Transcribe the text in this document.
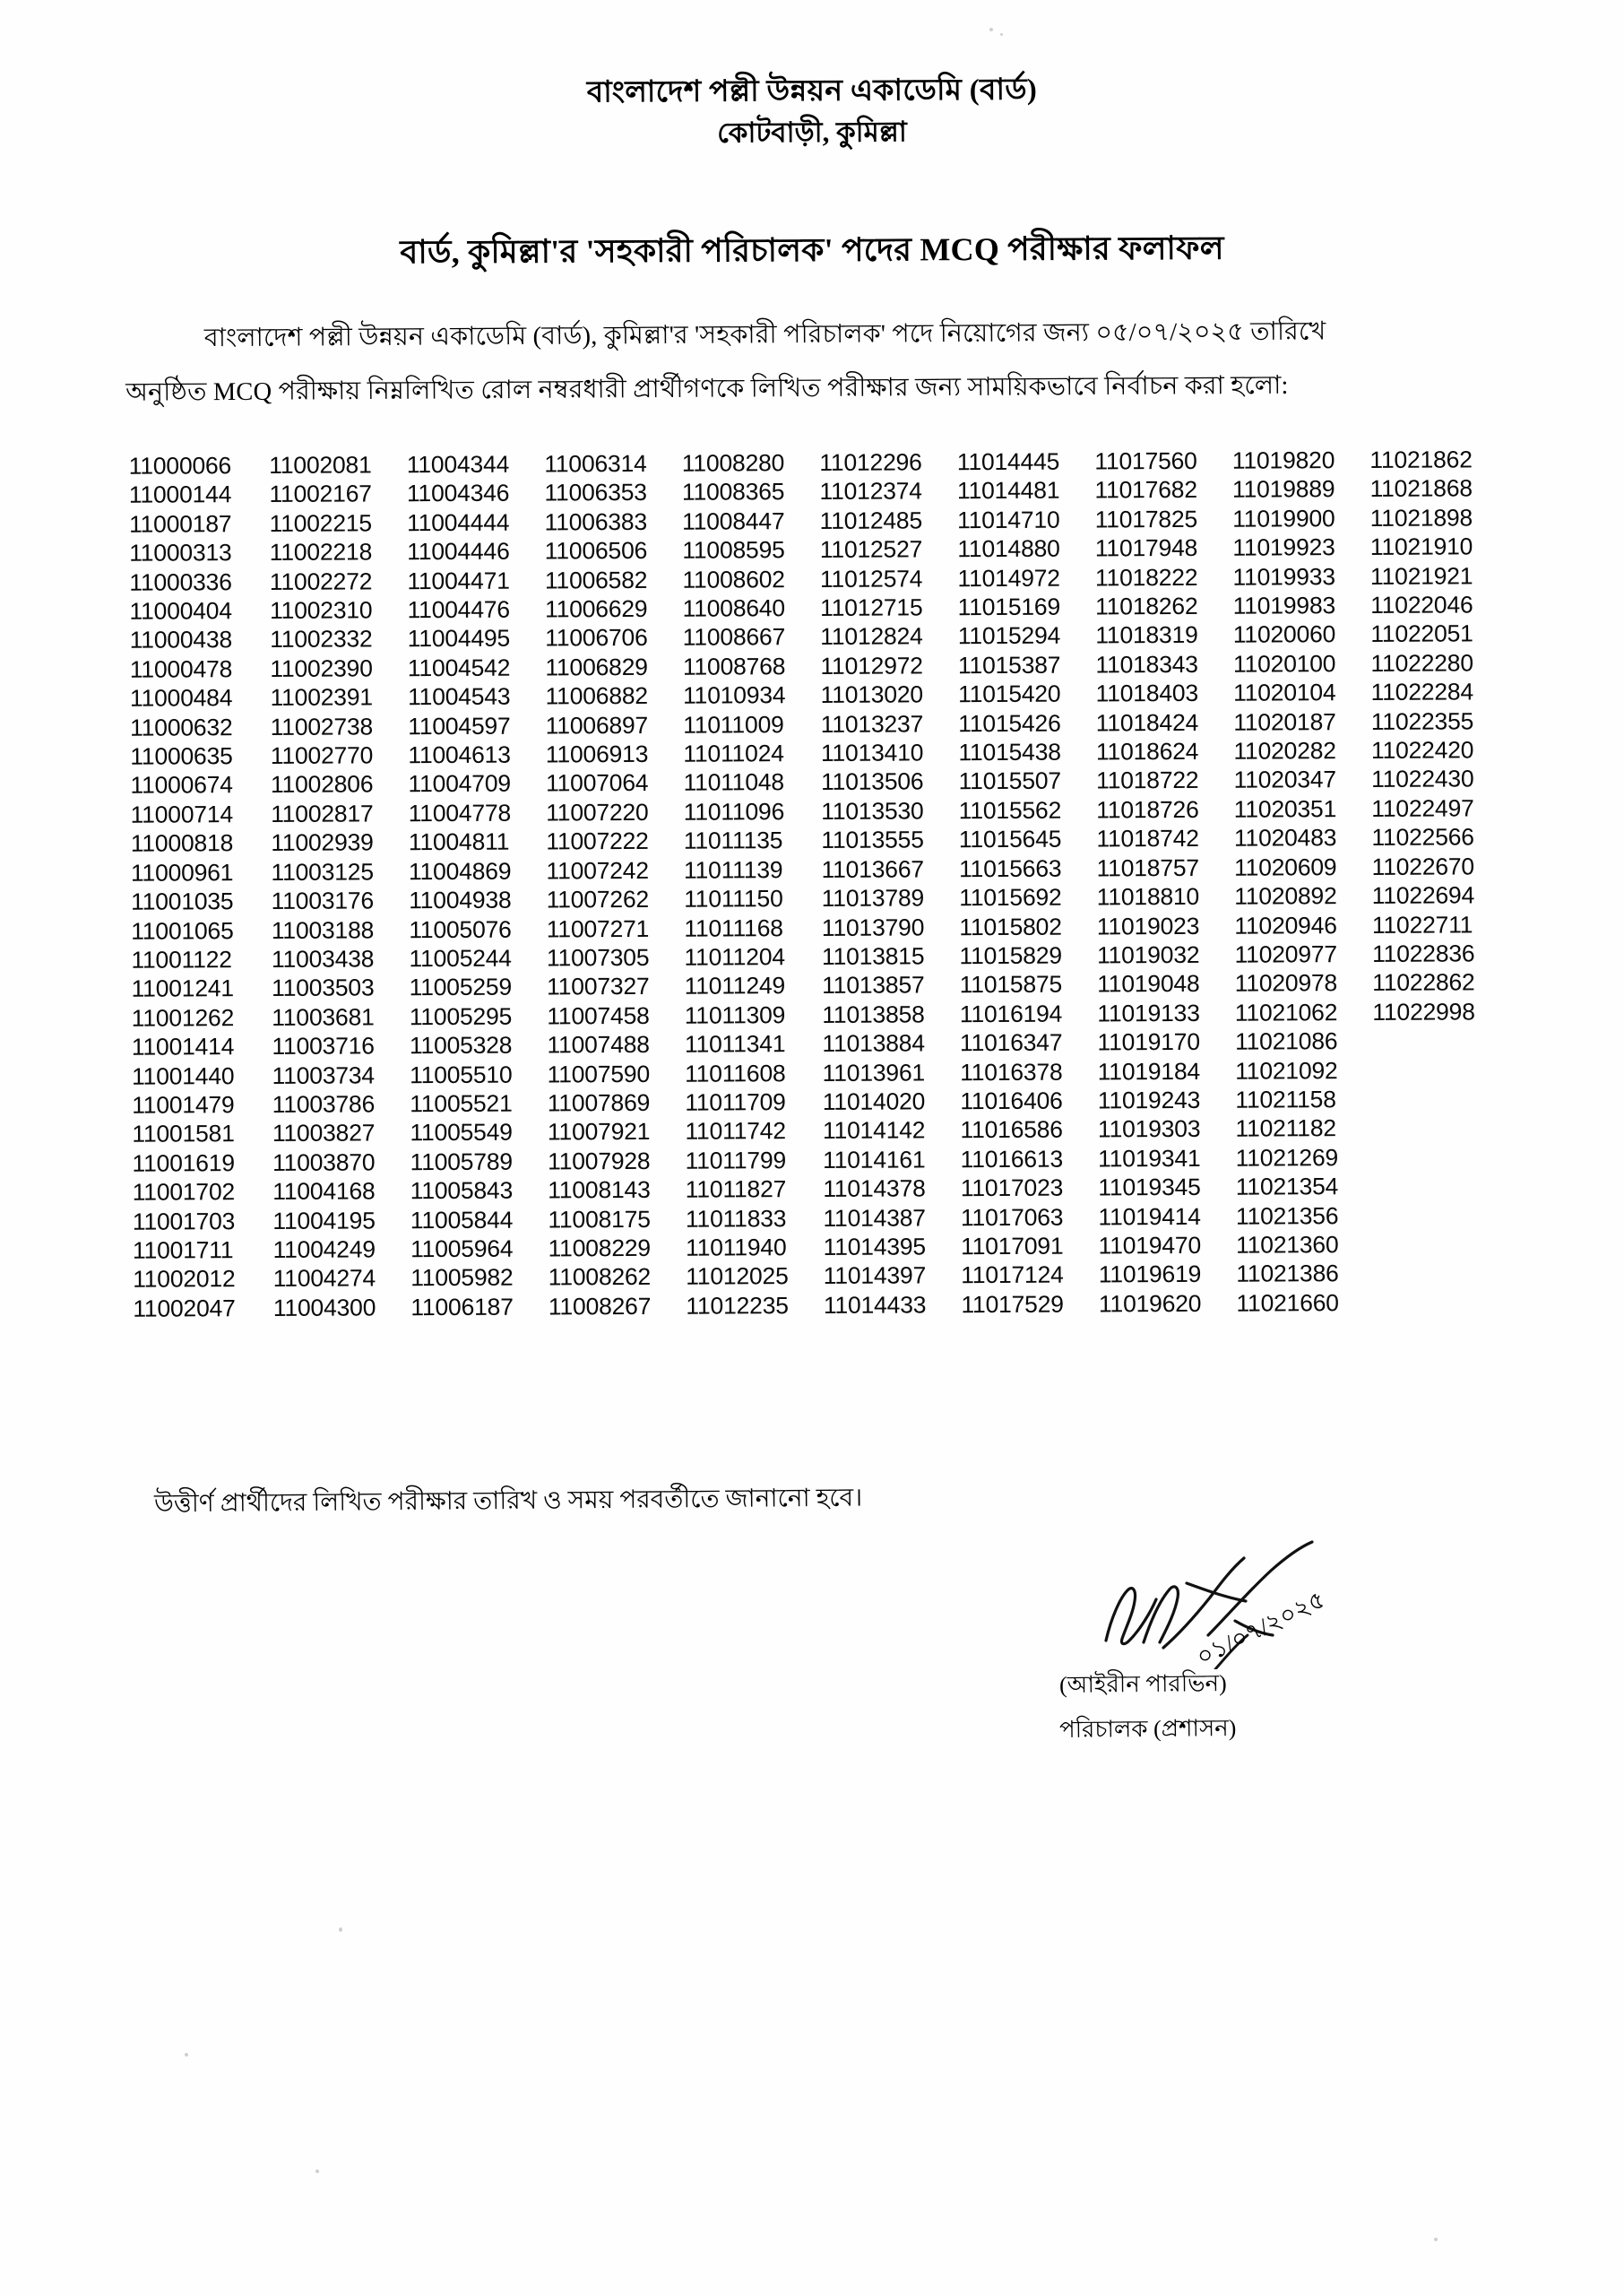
বাংলাদেশ পল্লী উন্নয়ন একাডেমি (বার্ড)
কোটবাড়ী, কুমিল্লা
বার্ড, কুমিল্লা'র 'সহকারী পরিচালক' পদের MCQ পরীক্ষার ফলাফল
বাংলাদেশ পল্লী উন্নয়ন একাডেমি (বার্ড), কুমিল্লা'র 'সহকারী পরিচালক' পদে নিয়োগের জন্য ০৫/০৭/২০২৫ তারিখে
অনুষ্ঠিত MCQ পরীক্ষায় নিম্নলিখিত রোল নম্বরধারী প্রার্থীগণকে লিখিত পরীক্ষার জন্য সাময়িকভাবে নির্বাচন করা হলো:
11000066	11002081	11004344	11006314	11008280	11012296	11014445	11017560	11019820	11021862
11000144	11002167	11004346	11006353	11008365	11012374	11014481	11017682	11019889	11021868
11000187	11002215	11004444	11006383	11008447	11012485	11014710	11017825	11019900	11021898
11000313	11002218	11004446	11006506	11008595	11012527	11014880	11017948	11019923	11021910
11000336	11002272	11004471	11006582	11008602	11012574	11014972	11018222	11019933	11021921
11000404	11002310	11004476	11006629	11008640	11012715	11015169	11018262	11019983	11022046
11000438	11002332	11004495	11006706	11008667	11012824	11015294	11018319	11020060	11022051
11000478	11002390	11004542	11006829	11008768	11012972	11015387	11018343	11020100	11022280
11000484	11002391	11004543	11006882	11010934	11013020	11015420	11018403	11020104	11022284
11000632	11002738	11004597	11006897	11011009	11013237	11015426	11018424	11020187	11022355
11000635	11002770	11004613	11006913	11011024	11013410	11015438	11018624	11020282	11022420
11000674	11002806	11004709	11007064	11011048	11013506	11015507	11018722	11020347	11022430
11000714	11002817	11004778	11007220	11011096	11013530	11015562	11018726	11020351	11022497
11000818	11002939	11004811	11007222	11011135	11013555	11015645	11018742	11020483	11022566
11000961	11003125	11004869	11007242	11011139	11013667	11015663	11018757	11020609	11022670
11001035	11003176	11004938	11007262	11011150	11013789	11015692	11018810	11020892	11022694
11001065	11003188	11005076	11007271	11011168	11013790	11015802	11019023	11020946	11022711
11001122	11003438	11005244	11007305	11011204	11013815	11015829	11019032	11020977	11022836
11001241	11003503	11005259	11007327	11011249	11013857	11015875	11019048	11020978	11022862
11001262	11003681	11005295	11007458	11011309	11013858	11016194	11019133	11021062	11022998
11001414	11003716	11005328	11007488	11011341	11013884	11016347	11019170	11021086	
11001440	11003734	11005510	11007590	11011608	11013961	11016378	11019184	11021092	
11001479	11003786	11005521	11007869	11011709	11014020	11016406	11019243	11021158	
11001581	11003827	11005549	11007921	11011742	11014142	11016586	11019303	11021182	
11001619	11003870	11005789	11007928	11011799	11014161	11016613	11019341	11021269	
11001702	11004168	11005843	11008143	11011827	11014378	11017023	11019345	11021354	
11001703	11004195	11005844	11008175	11011833	11014387	11017063	11019414	11021356	
11001711	11004249	11005964	11008229	11011940	11014395	11017091	11019470	11021360	
11002012	11004274	11005982	11008262	11012025	11014397	11017124	11019619	11021386	
11002047	11004300	11006187	11008267	11012235	11014433	11017529	11019620	11021660	
উত্তীর্ণ প্রার্থীদের লিখিত পরীক্ষার তারিখ ও সময় পরবর্তীতে জানানো হবে।
০১/০৭/২০২৫
(আইরীন পারভিন)
পরিচালক (প্রশাসন)
